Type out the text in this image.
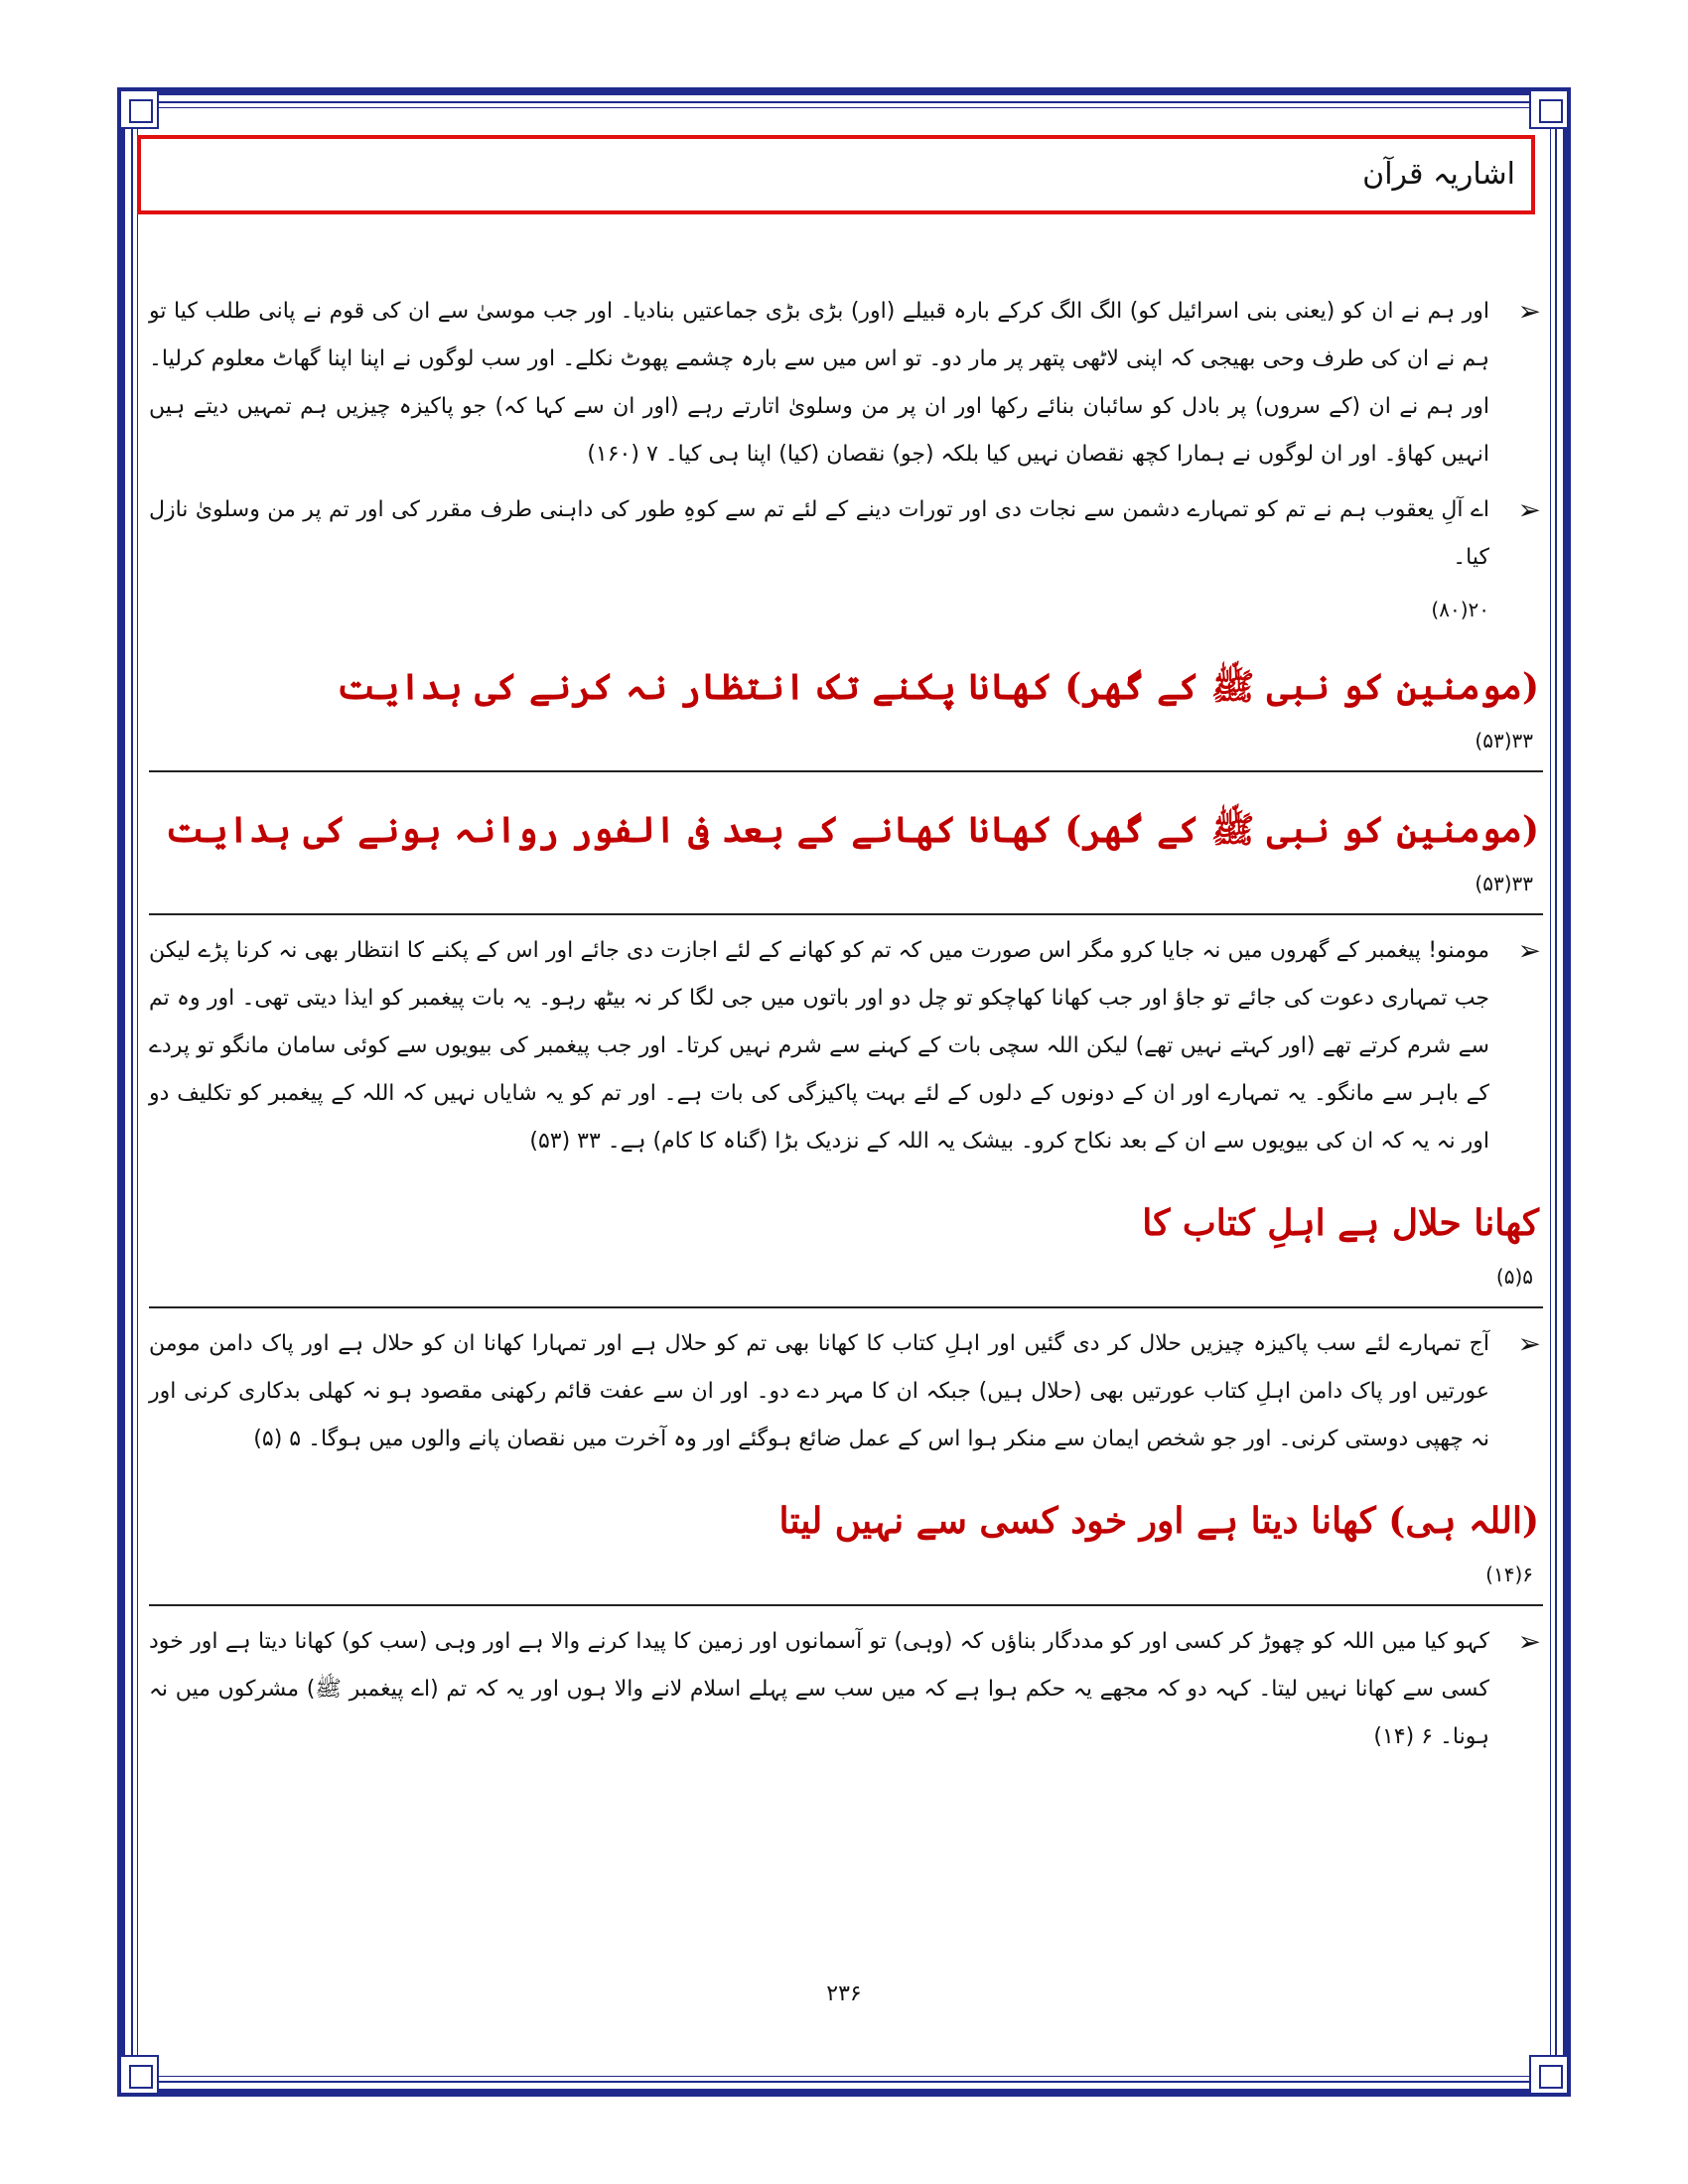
اشاریہ قرآن
➢
اور ہم نے ان کو (یعنی بنی اسرائیل کو) الگ الگ کرکے بارہ قبیلے (اور) بڑی بڑی جماعتیں بنادیا۔ اور جب موسیٰ سے ان کی قوم نے پانی طلب کیا تو ہم نے ان کی طرف وحی بھیجی کہ اپنی لاٹھی پتھر پر مار دو۔ تو اس میں سے بارہ چشمے پھوٹ نکلے۔ اور سب لوگوں نے اپنا اپنا گھاٹ معلوم کرلیا۔ اور ہم نے ان (کے سروں) پر بادل کو سائبان بنائے رکھا اور ان پر من وسلویٰ اتارتے رہے (اور ان سے کہا کہ) جو پاکیزہ چیزیں ہم تمہیں دیتے ہیں انہیں کھاؤ۔ اور ان لوگوں نے ہمارا کچھ نقصان نہیں کیا بلکہ (جو) نقصان (کیا) اپنا ہی کیا۔ ۷ (۱۶۰)
➢
اے آلِ یعقوب ہم نے تم کو تمہارے دشمن سے نجات دی اور تورات دینے کے لئے تم سے کوہِ طور کی داہنی طرف مقرر کی اور تم پر من وسلویٰ نازل کیا۔
۲۰(۸۰)
(مومنین کو نبی ﷺ کے گھر) کھانا پکنے تک انتظار نہ کرنے کی ہدایت
۳۳(۵۳)
(مومنین کو نبی ﷺ کے گھر) کھانا کھانے کے بعد فی الفور روانہ ہونے کی ہدایت
۳۳(۵۳)
➢
مومنو! پیغمبر کے گھروں میں نہ جایا کرو مگر اس صورت میں کہ تم کو کھانے کے لئے اجازت دی جائے اور اس کے پکنے کا انتظار بھی نہ کرنا پڑے لیکن جب تمہاری دعوت کی جائے تو جاؤ اور جب کھانا کھاچکو تو چل دو اور باتوں میں جی لگا کر نہ بیٹھ رہو۔ یہ بات پیغمبر کو ایذا دیتی تھی۔ اور وہ تم سے شرم کرتے تھے (اور کہتے نہیں تھے) لیکن اللہ سچی بات کے کہنے سے شرم نہیں کرتا۔ اور جب پیغمبر کی بیویوں سے کوئی سامان مانگو تو پردے کے باہر سے مانگو۔ یہ تمہارے اور ان کے دونوں کے دلوں کے لئے بہت پاکیزگی کی بات ہے۔ اور تم کو یہ شایاں نہیں کہ اللہ کے پیغمبر کو تکلیف دو اور نہ یہ کہ ان کی بیویوں سے ان کے بعد نکاح کرو۔ بیشک یہ اللہ کے نزدیک بڑا (گناہ کا کام) ہے۔ ۳۳ (۵۳)
کھانا حلال ہے اہلِ کتاب کا
۵(۵)
➢
آج تمہارے لئے سب پاکیزہ چیزیں حلال کر دی گئیں اور اہلِ کتاب کا کھانا بھی تم کو حلال ہے اور تمہارا کھانا ان کو حلال ہے اور پاک دامن مومن عورتیں اور پاک دامن اہلِ کتاب عورتیں بھی (حلال ہیں) جبکہ ان کا مہر دے دو۔ اور ان سے عفت قائم رکھنی مقصود ہو نہ کھلی بدکاری کرنی اور نہ چھپی دوستی کرنی۔ اور جو شخص ایمان سے منکر ہوا اس کے عمل ضائع ہوگئے اور وہ آخرت میں نقصان پانے والوں میں ہوگا۔ ۵ (۵)
(اللہ ہی) کھانا دیتا ہے اور خود کسی سے نہیں لیتا
۶(۱۴)
➢
کہو کیا میں اللہ کو چھوڑ کر کسی اور کو مددگار بناؤں کہ (وہی) تو آسمانوں اور زمین کا پیدا کرنے والا ہے اور وہی (سب کو) کھانا دیتا ہے اور خود کسی سے کھانا نہیں لیتا۔ کہہ دو کہ مجھے یہ حکم ہوا ہے کہ میں سب سے پہلے اسلام لانے والا ہوں اور یہ کہ تم (اے پیغمبر ﷺ) مشرکوں میں نہ ہونا۔ ۶ (۱۴)
۲۳۶
